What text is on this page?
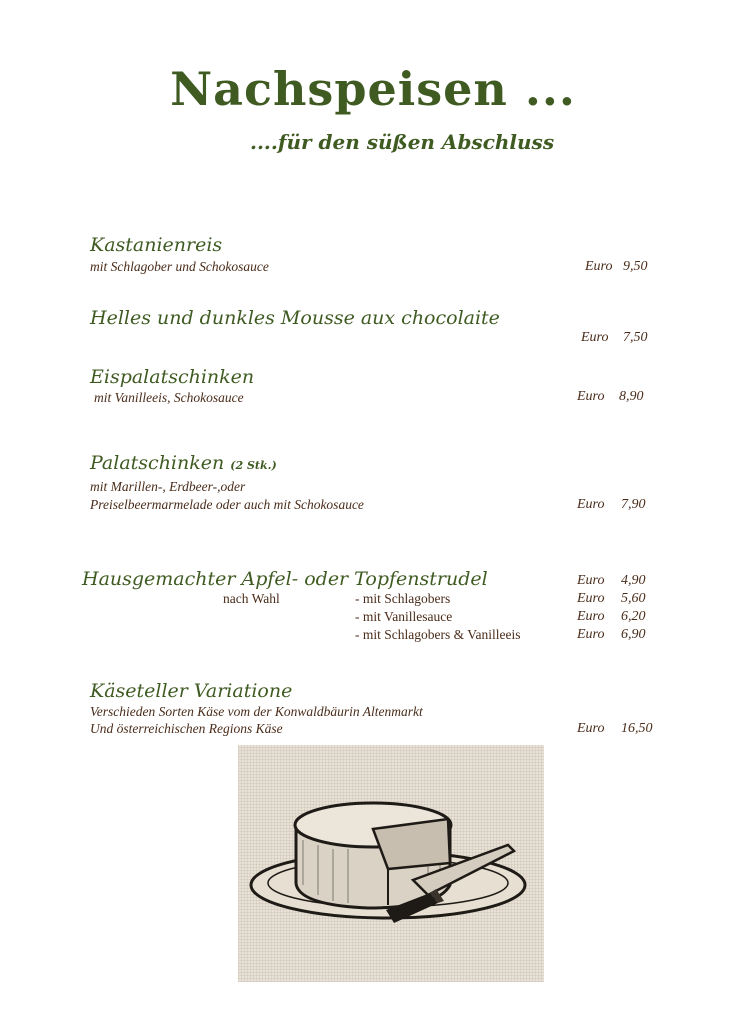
Nachspeisen ...
....für den süßen Abschluss
Kastanienreis
mit Schlagober und Schokosauce	Euro 9,50
Helles und dunkles Mousse aux chocolaite
Euro 7,50
Eispalatschinken
mit Vanilleeis, Schokosauce	Euro 8,90
Palatschinken (2 Stk.)
mit Marillen-, Erdbeer-,oder
Preiselbeermarmelade oder auch mit Schokosauce	Euro 7,90
Hausgemachter Apfel- oder Topfenstrudel	Euro 4,90
nach Wahl	- mit Schlagobers	Euro 5,60
- mit Vanillesauce	Euro 6,20
- mit Schlagobers & Vanilleeis	Euro 6,90
Käseteller Variatione
Verschieden Sorten Käse vom der Konwaldbäurin Altenmarkt
Und österreichischen Regions Käse	Euro 16,50
